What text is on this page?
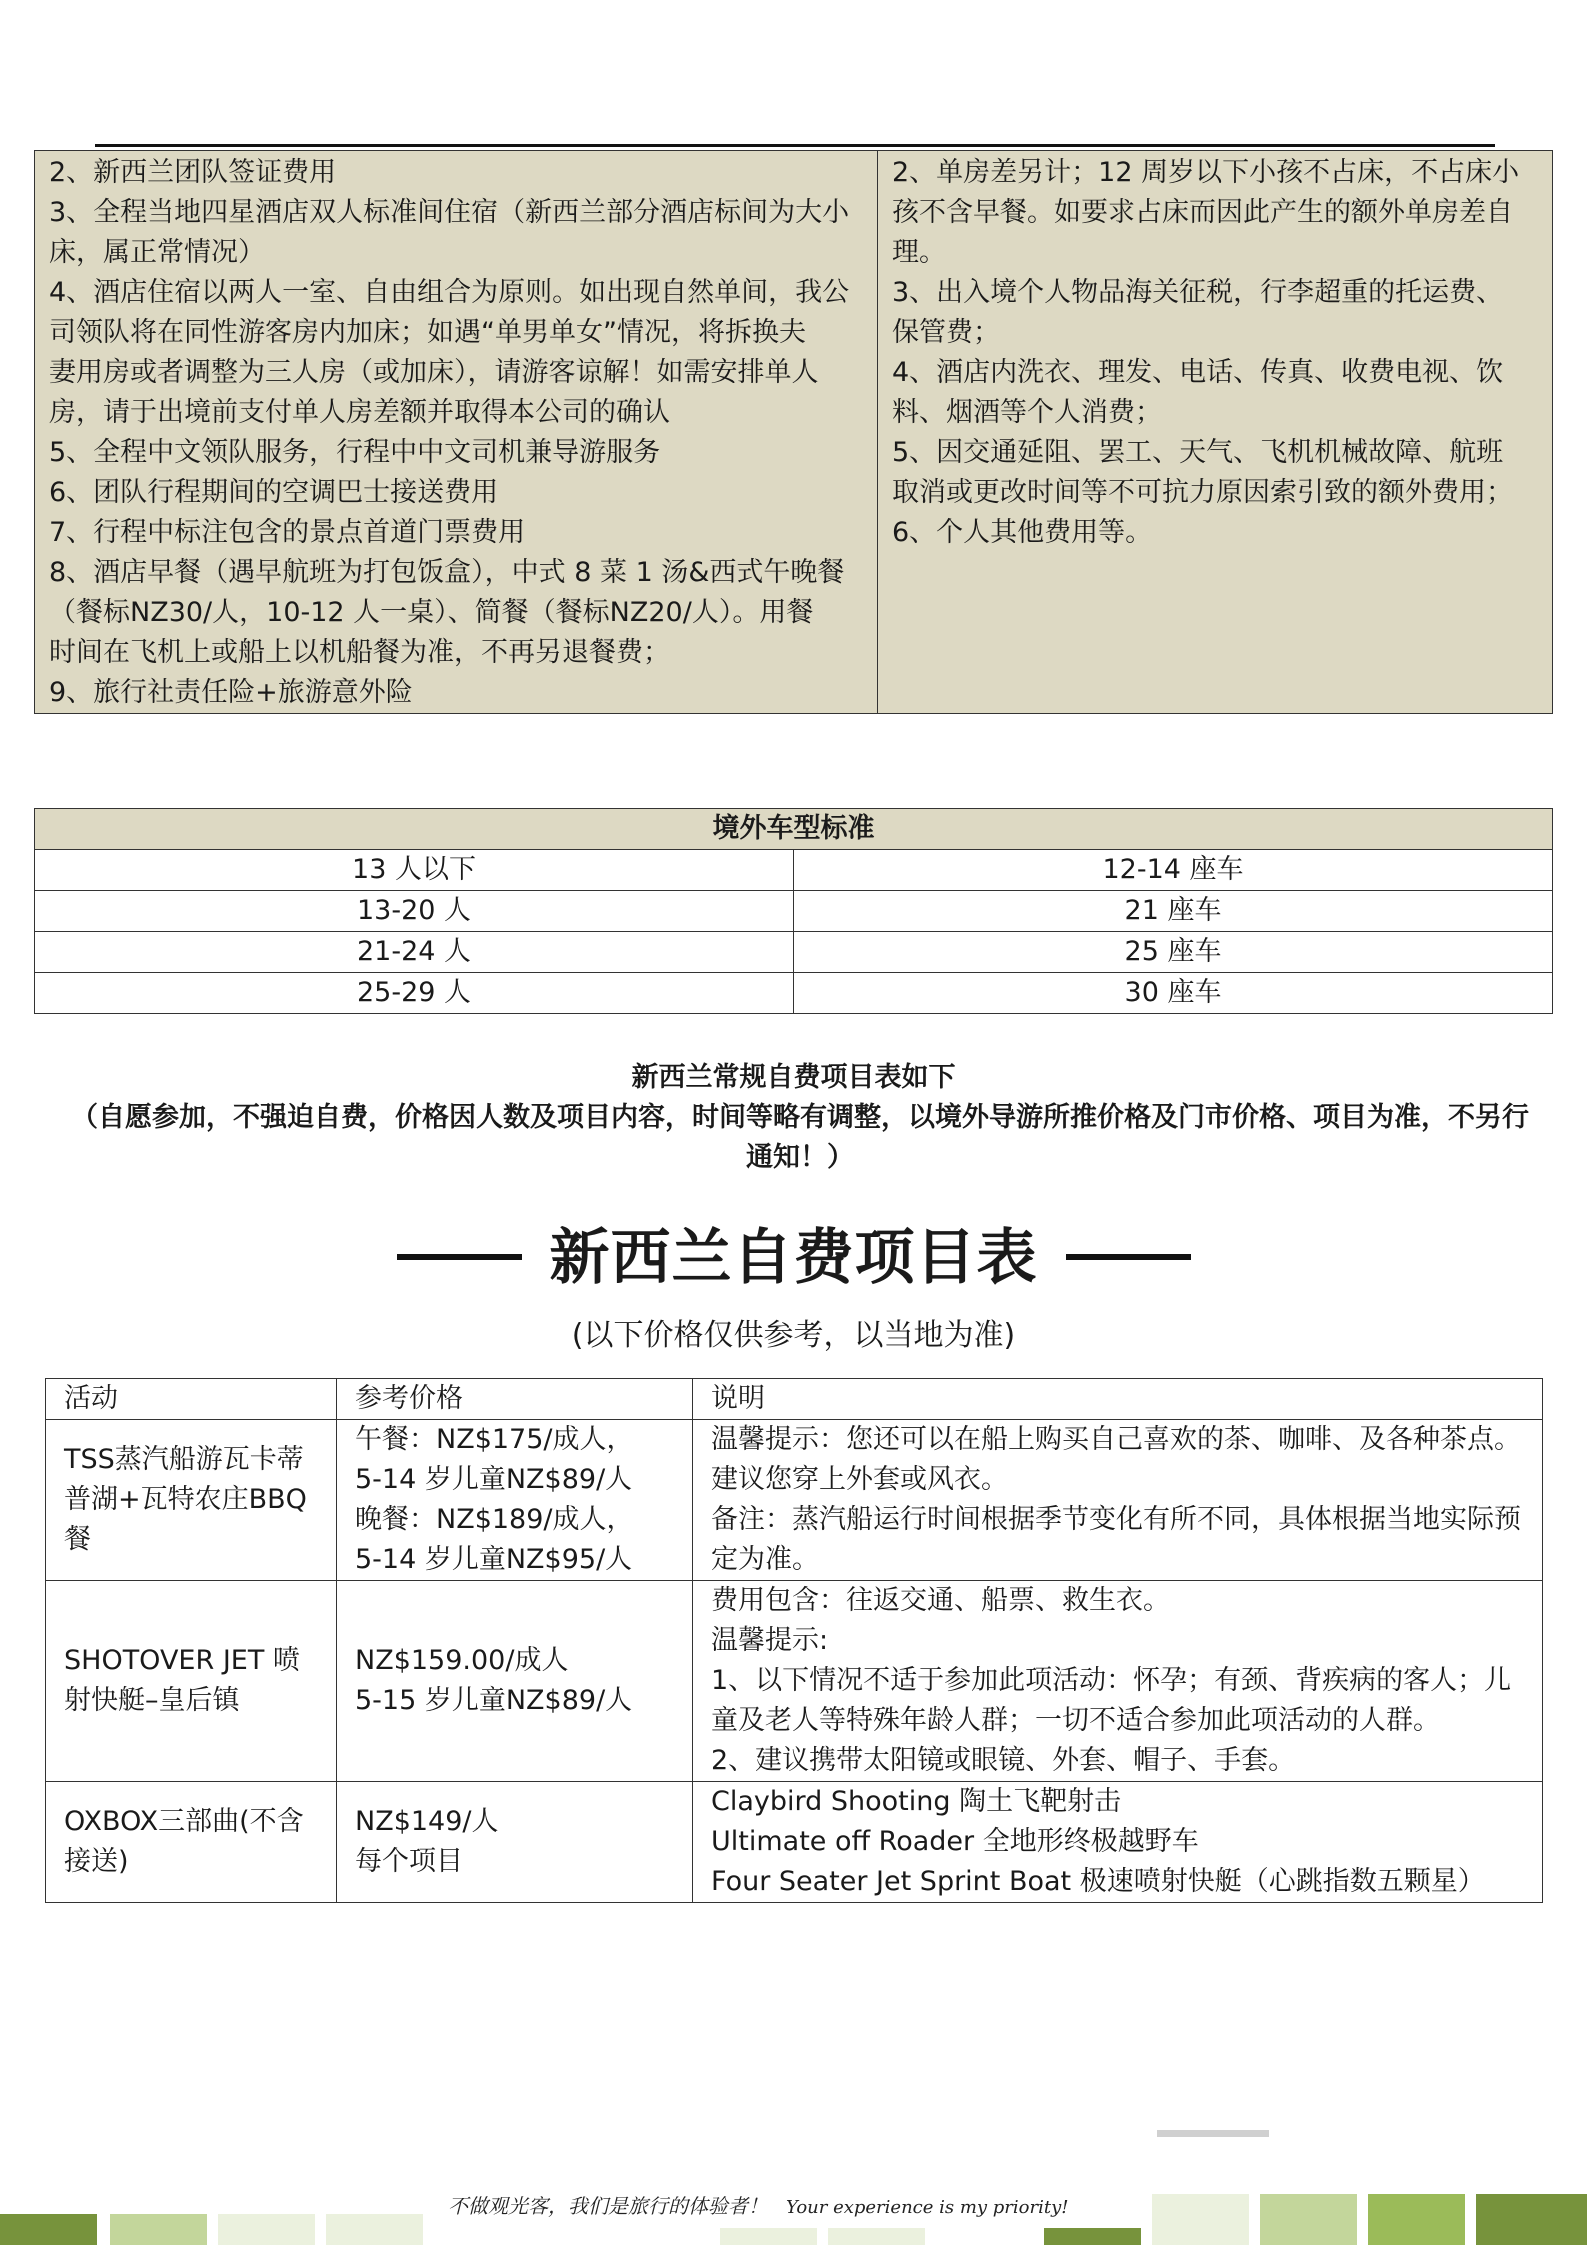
2、新西兰团队签证费用
3、全程当地四星酒店双人标准间住宿（新西兰部分酒店标间为大小
床，属正常情况）
4、酒店住宿以两人一室、自由组合为原则。如出现自然单间，我公
司领队将在同性游客房内加床；如遇“单男单女”情况，将拆换夫
妻用房或者调整为三人房（或加床），请游客谅解！如需安排单人
房，请于出境前支付单人房差额并取得本公司的确认
5、全程中文领队服务，行程中中文司机兼导游服务
6、团队行程期间的空调巴士接送费用
7、行程中标注包含的景点首道门票费用
8、酒店早餐（遇早航班为打包饭盒），中式 8 菜 1 汤&西式午晚餐
（餐标NZ30/人，10-12 人一桌）、简餐（餐标NZ20/人）。用餐
时间在飞机上或船上以机船餐为准，不再另退餐费；
9、旅行社责任险+旅游意外险

2、单房差另计；12 周岁以下小孩不占床，不占床小
孩不含早餐。如要求占床而因此产生的额外单房差自
理。
3、出入境个人物品海关征税，行李超重的托运费、
保管费；
4、酒店内洗衣、理发、电话、传真、收费电视、饮
料、烟酒等个人消费；
5、因交通延阻、罢工、天气、飞机机械故障、航班
取消或更改时间等不可抗力原因索引致的额外费用；
6、个人其他费用等。
境外车型标准	
13 人以下	12-14 座车
13-20 人	21 座车
21-24 人	25 座车
25-29 人	30 座车
新西兰常规自费项目表如下
（自愿参加，不强迫自费，价格因人数及项目内容，时间等略有调整，以境外导游所推价格及门市价格、项目为准，不另行通知！）
新西兰自费项目表
(以下价格仅供参考，以当地为准)
活动	参考价格	说明
TSS蒸汽船游瓦卡蒂普湖+瓦特农庄BBQ餐	午餐：NZ$175/成人，
5-14 岁儿童NZ$89/人
晚餐：NZ$189/成人，
5-14 岁儿童NZ$95/人	温馨提示：您还可以在船上购买自己喜欢的茶、咖啡、及各种茶点。建议您穿上外套或风衣。
备注：蒸汽船运行时间根据季节变化有所不同，具体根据当地实际预定为准。

SHOTOVER JET 喷射快艇–皇后镇	NZ$159.00/成人
5-15 岁儿童NZ$89/人	费用包含：往返交通、船票、救生衣。
温馨提示:
1、以下情况不适于参加此项活动：怀孕；有颈、背疾病的客人；儿童及老人等特殊年龄人群；一切不适合参加此项活动的人群。
2、建议携带太阳镜或眼镜、外套、帽子、手套。

OXBOX三部曲(不含接送)	NZ$149/人
每个项目	Claybird Shooting 陶土飞靶射击
Ultimate off Roader 全地形终极越野车
Four Seater Jet Sprint Boat 极速喷射快艇（心跳指数五颗星）
不做观光客，我们是旅行的体验者！ Your experience is my priority!
